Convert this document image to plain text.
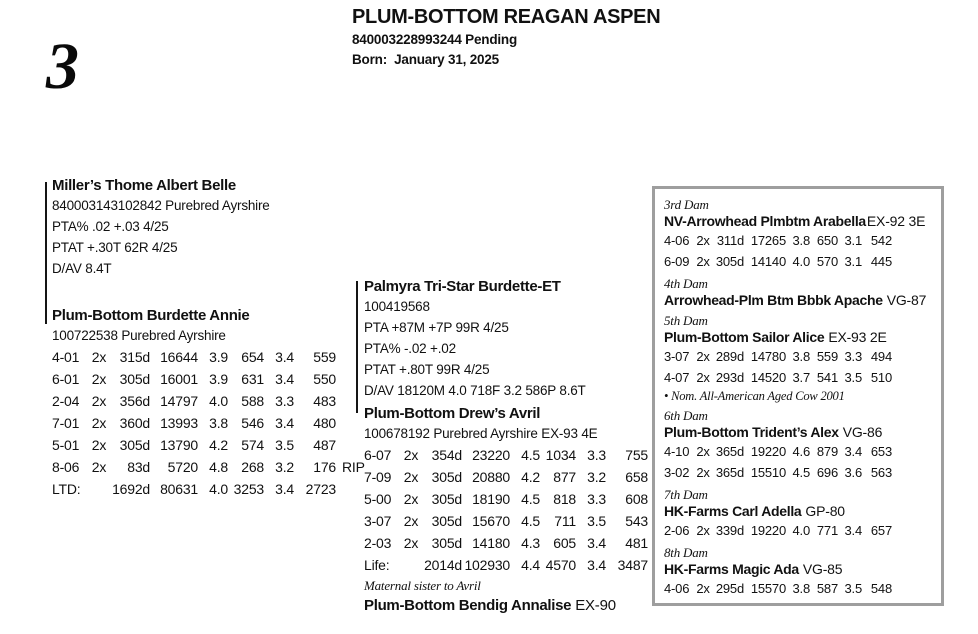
3
PLUM-BOTTOM REAGAN ASPEN
840003228993244 Pending
Born:  January 31, 2025
Miller’s Thome Albert Belle
840003143102842 Purebred Ayrshire
PTA% .02 +.03 4/25
PTAT +.30T 62R 4/25
D/AV 8.4T
Plum-Bottom Burdette Annie
100722538 Purebred Ayrshire
4-01 2x 315d 16644 3.9 654 3.4 559
6-01 2x 305d 16001 3.9 631 3.4 550
2-04 2x 356d 14797 4.0 588 3.3 483
7-01 2x 360d 13993 3.8 546 3.4 480
5-01 2x 305d 13790 4.2 574 3.5 487
8-06 2x 83d 5720 4.8 268 3.2 176 RIP
LTD: 1692d 80631 4.0 3253 3.4 2723
Palmyra Tri-Star Burdette-ET
100419568
PTA +87M +7P 99R 4/25
PTA% -.02 +.02
PTAT +.80T 99R 4/25
D/AV 18120M 4.0 718F 3.2 586P 8.6T
Plum-Bottom Drew’s Avril
100678192 Purebred Ayrshire EX-93 4E
6-07 2x 354d 23220 4.5 1034 3.3 755
7-09 2x 305d 20880 4.2 877 3.2 658
5-00 2x 305d 18190 4.5 818 3.3 608
3-07 2x 305d 15670 4.5 711 3.5 543
2-03 2x 305d 14180 4.3 605 3.4 481
Life: 2014d 102930 4.4 4570 3.4 3487
Maternal sister to Avril
Plum-Bottom Bendig Annalise EX-90
3rd Dam
NV-Arrowhead Plmbtm ArabellaEX-92 3E
4-06 2x 311d 17265 3.8 650 3.1 542
6-09 2x 305d 14140 4.0 570 3.1 445
4th Dam
Arrowhead-Plm Btm Bbbk Apache VG-87
5th Dam
Plum-Bottom Sailor Alice EX-93 2E
3-07 2x 289d 14780 3.8 559 3.3 494
4-07 2x 293d 14520 3.7 541 3.5 510
• Nom. All-American Aged Cow 2001
6th Dam
Plum-Bottom Trident’s Alex VG-86
4-10 2x 365d 19220 4.6 879 3.4 653
3-02 2x 365d 15510 4.5 696 3.6 563
7th Dam
HK-Farms Carl Adella GP-80
2-06 2x 339d 19220 4.0 771 3.4 657
8th Dam
HK-Farms Magic Ada VG-85
4-06 2x 295d 15570 3.8 587 3.5 548
